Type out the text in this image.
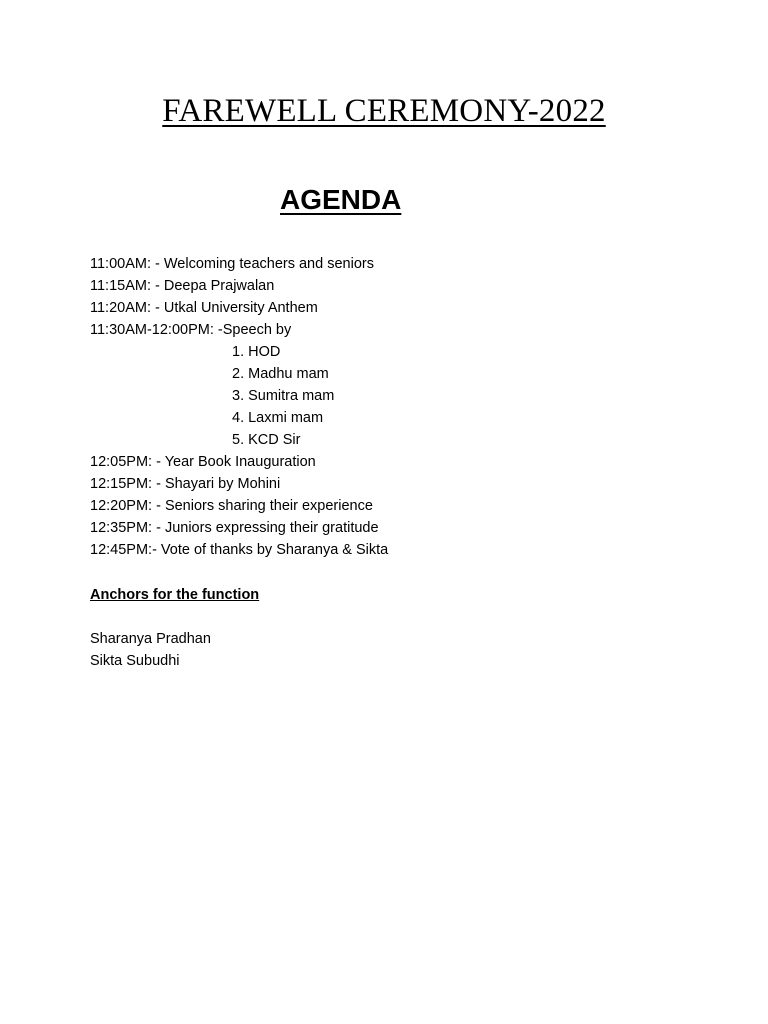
FAREWELL CEREMONY-2022
AGENDA
11:00AM: - Welcoming teachers and seniors
11:15AM: - Deepa Prajwalan
11:20AM: - Utkal University Anthem
11:30AM-12:00PM: -Speech by
1. HOD
2. Madhu mam
3. Sumitra mam
4. Laxmi mam
5. KCD Sir
12:05PM: - Year Book Inauguration
12:15PM: - Shayari by Mohini
12:20PM: - Seniors sharing their experience
12:35PM: - Juniors expressing their gratitude
12:45PM:- Vote of thanks by Sharanya & Sikta
Anchors for the function
Sharanya Pradhan
Sikta Subudhi
